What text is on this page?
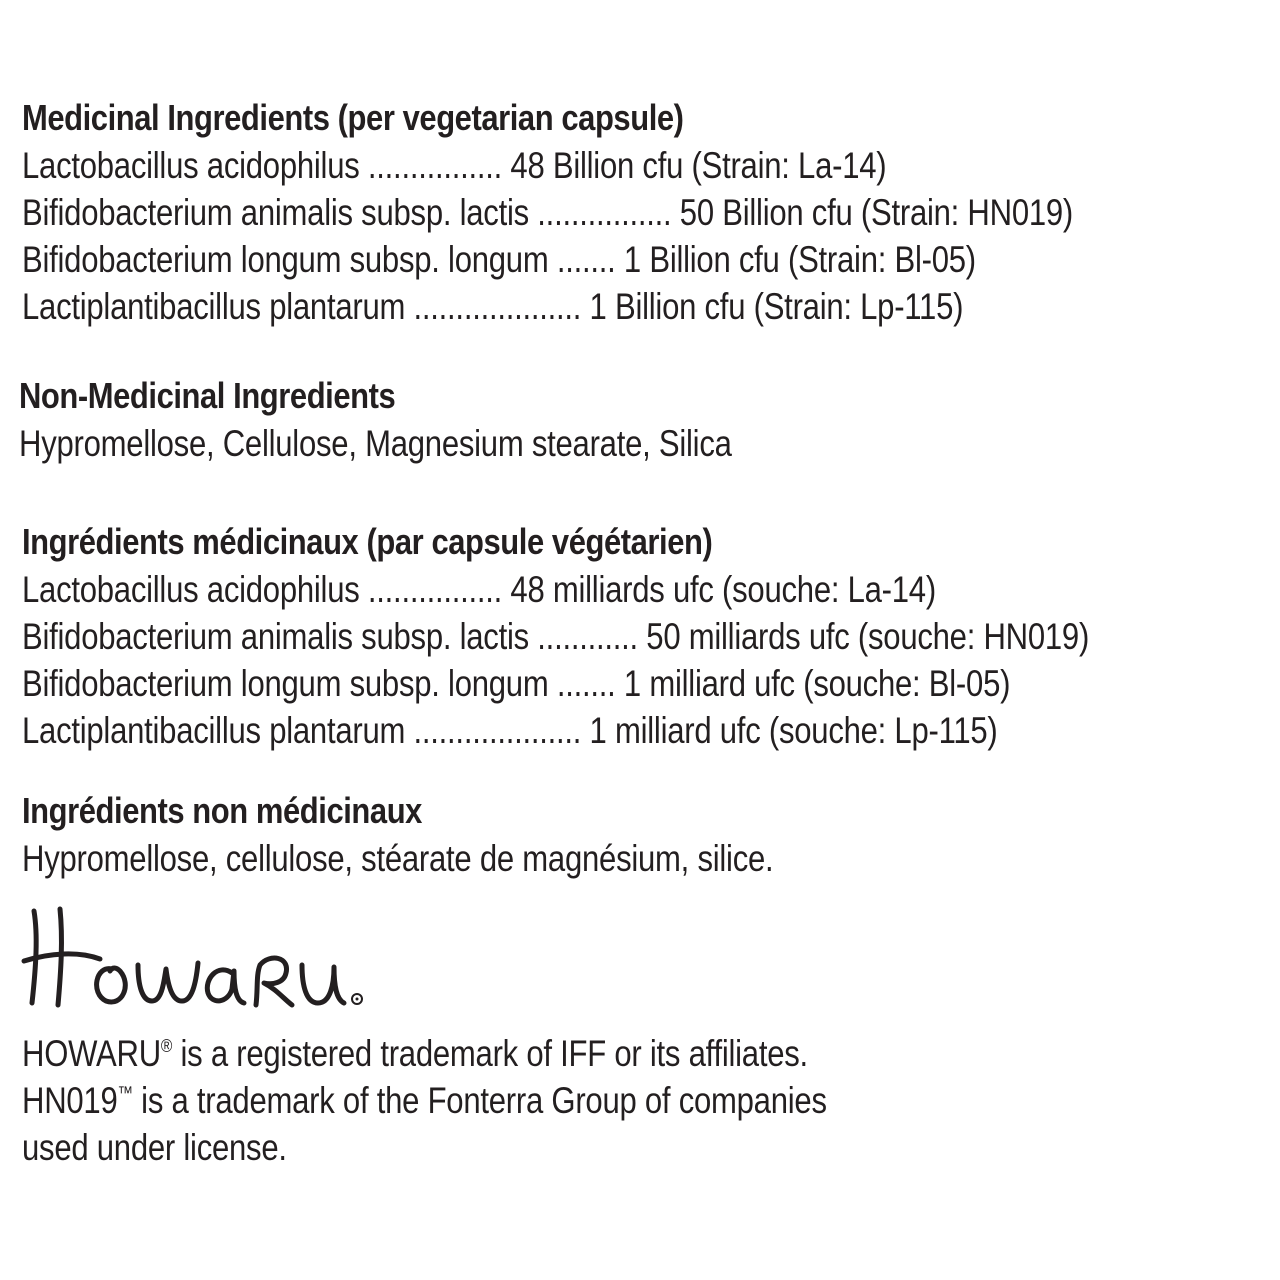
Medicinal Ingredients (per vegetarian capsule)
Lactobacillus acidophilus ................ 48 Billion cfu (Strain: La-14)
Bifidobacterium animalis subsp. lactis ................ 50 Billion cfu (Strain: HN019)
Bifidobacterium longum subsp. longum ....... 1 Billion cfu (Strain: Bl-05)
Lactiplantibacillus plantarum .................... 1 Billion cfu (Strain: Lp-115)
Non-Medicinal Ingredients
Hypromellose, Cellulose, Magnesium stearate, Silica
Ingrédients médicinaux (par capsule végétarien)
Lactobacillus acidophilus ................ 48 milliards ufc (souche: La-14)
Bifidobacterium animalis subsp. lactis ............ 50 milliards ufc (souche: HN019)
Bifidobacterium longum subsp. longum ....... 1 milliard ufc (souche: Bl-05)
Lactiplantibacillus plantarum .................... 1 milliard ufc (souche: Lp-115)
Ingrédients non médicinaux
Hypromellose, cellulose, stéarate de magnésium, silice.
HOWARU® is a registered trademark of IFF or its affiliates.
HN019™ is a trademark of the Fonterra Group of companies
used under license.
